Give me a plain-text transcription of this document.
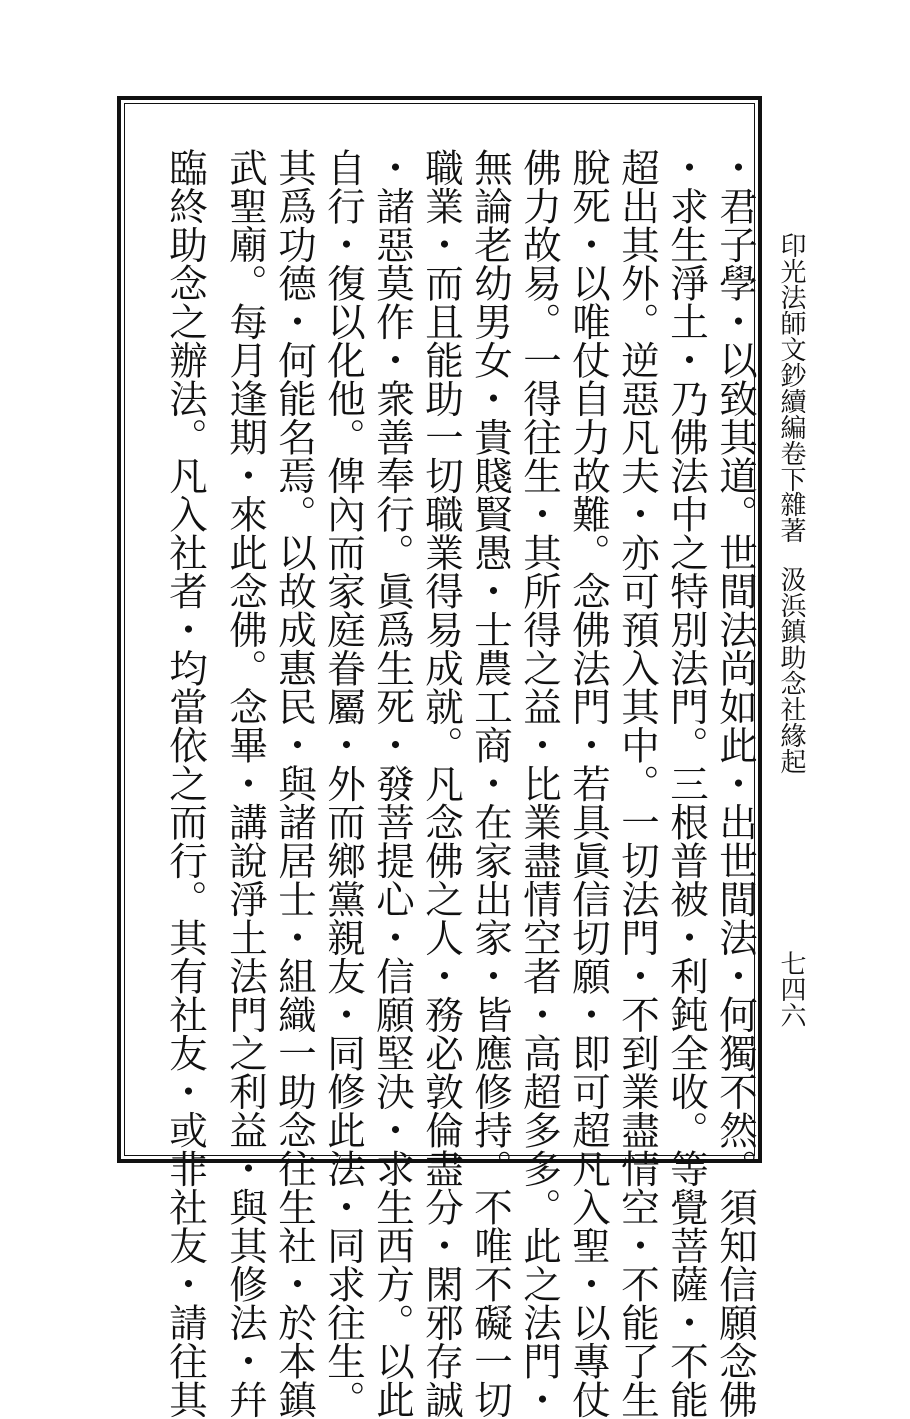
印光法師文鈔續編卷下
雜著
汲浜鎮助念社緣起
七四六
・君子學・以致其道。世間法尚如此・出世間法・何獨不然。須知信願念佛
・求生淨土・乃佛法中之特別法門。三根普被・利鈍全收。等覺菩薩・不能
超出其外。逆惡凡夫・亦可預入其中。一切法門・不到業盡情空・不能了生
脫死・以唯仗自力故難。念佛法門・若具眞信切願・即可超凡入聖・以專仗
佛力故易。一得往生・其所得之益・比業盡情空者・高超多多。此之法門・
無論老幼男女・貴賤賢愚・士農工商・在家出家・皆應修持。不唯不礙一切
職業・而且能助一切職業得易成就。凡念佛之人・務必敦倫盡分・閑邪存誠
・諸惡莫作・衆善奉行。眞爲生死・發菩提心・信願堅決・求生西方。以此
自行・復以化他。俾內而家庭眷屬・外而鄉黨親友・同修此法・同求往生。
其爲功德・何能名焉。以故成惠民・與諸居士・組織一助念往生社・於本鎮
武聖廟。每月逢期・來此念佛。念畢・講說淨土法門之利益・與其修法・幷
臨終助念之辦法。凡入社者・均當依之而行。其有社友・或非社友・請往其
